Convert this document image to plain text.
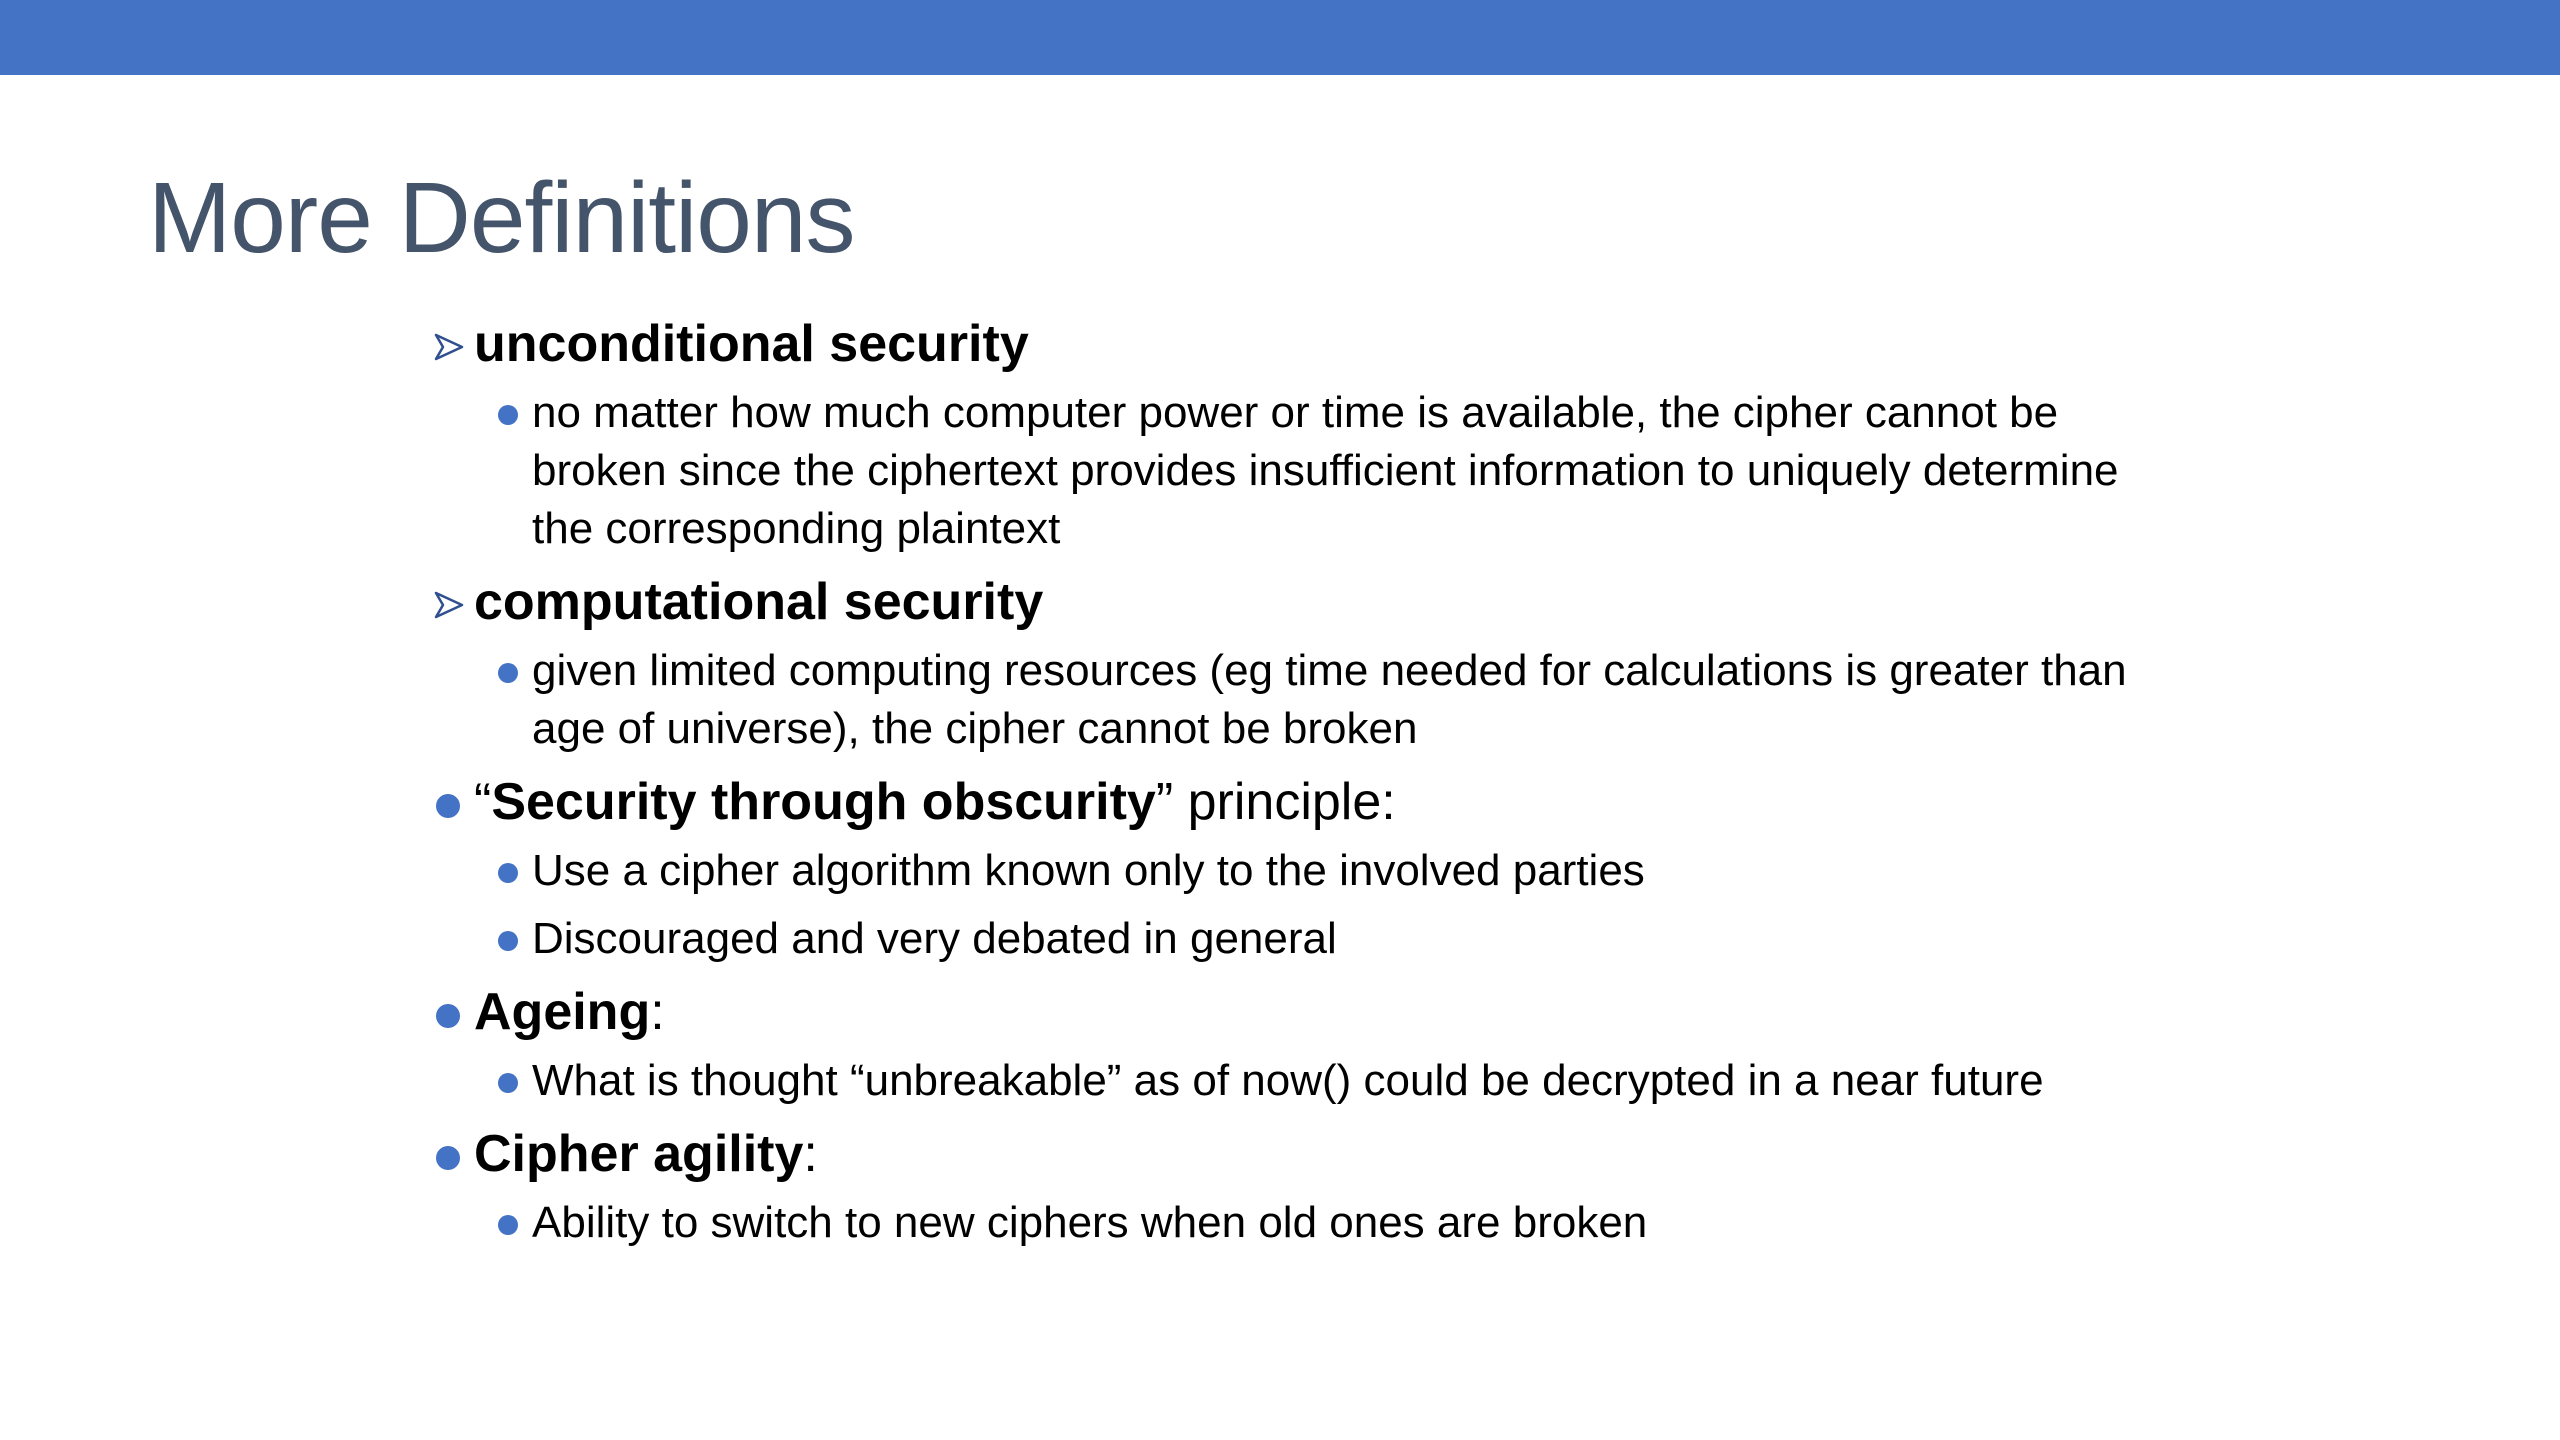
More Definitions
unconditional security
no matter how much computer power or time is available, the cipher cannot be broken since the ciphertext provides insufficient information to uniquely determine the corresponding plaintext
computational security
given limited computing resources (eg time needed for calculations is greater than age of universe), the cipher cannot be broken
“Security through obscurity” principle:
Use a cipher algorithm known only to the involved parties
Discouraged and very debated in general
Ageing:
What is thought “unbreakable” as of now() could be decrypted in a near future
Cipher agility:
Ability to switch to new ciphers when old ones are broken
